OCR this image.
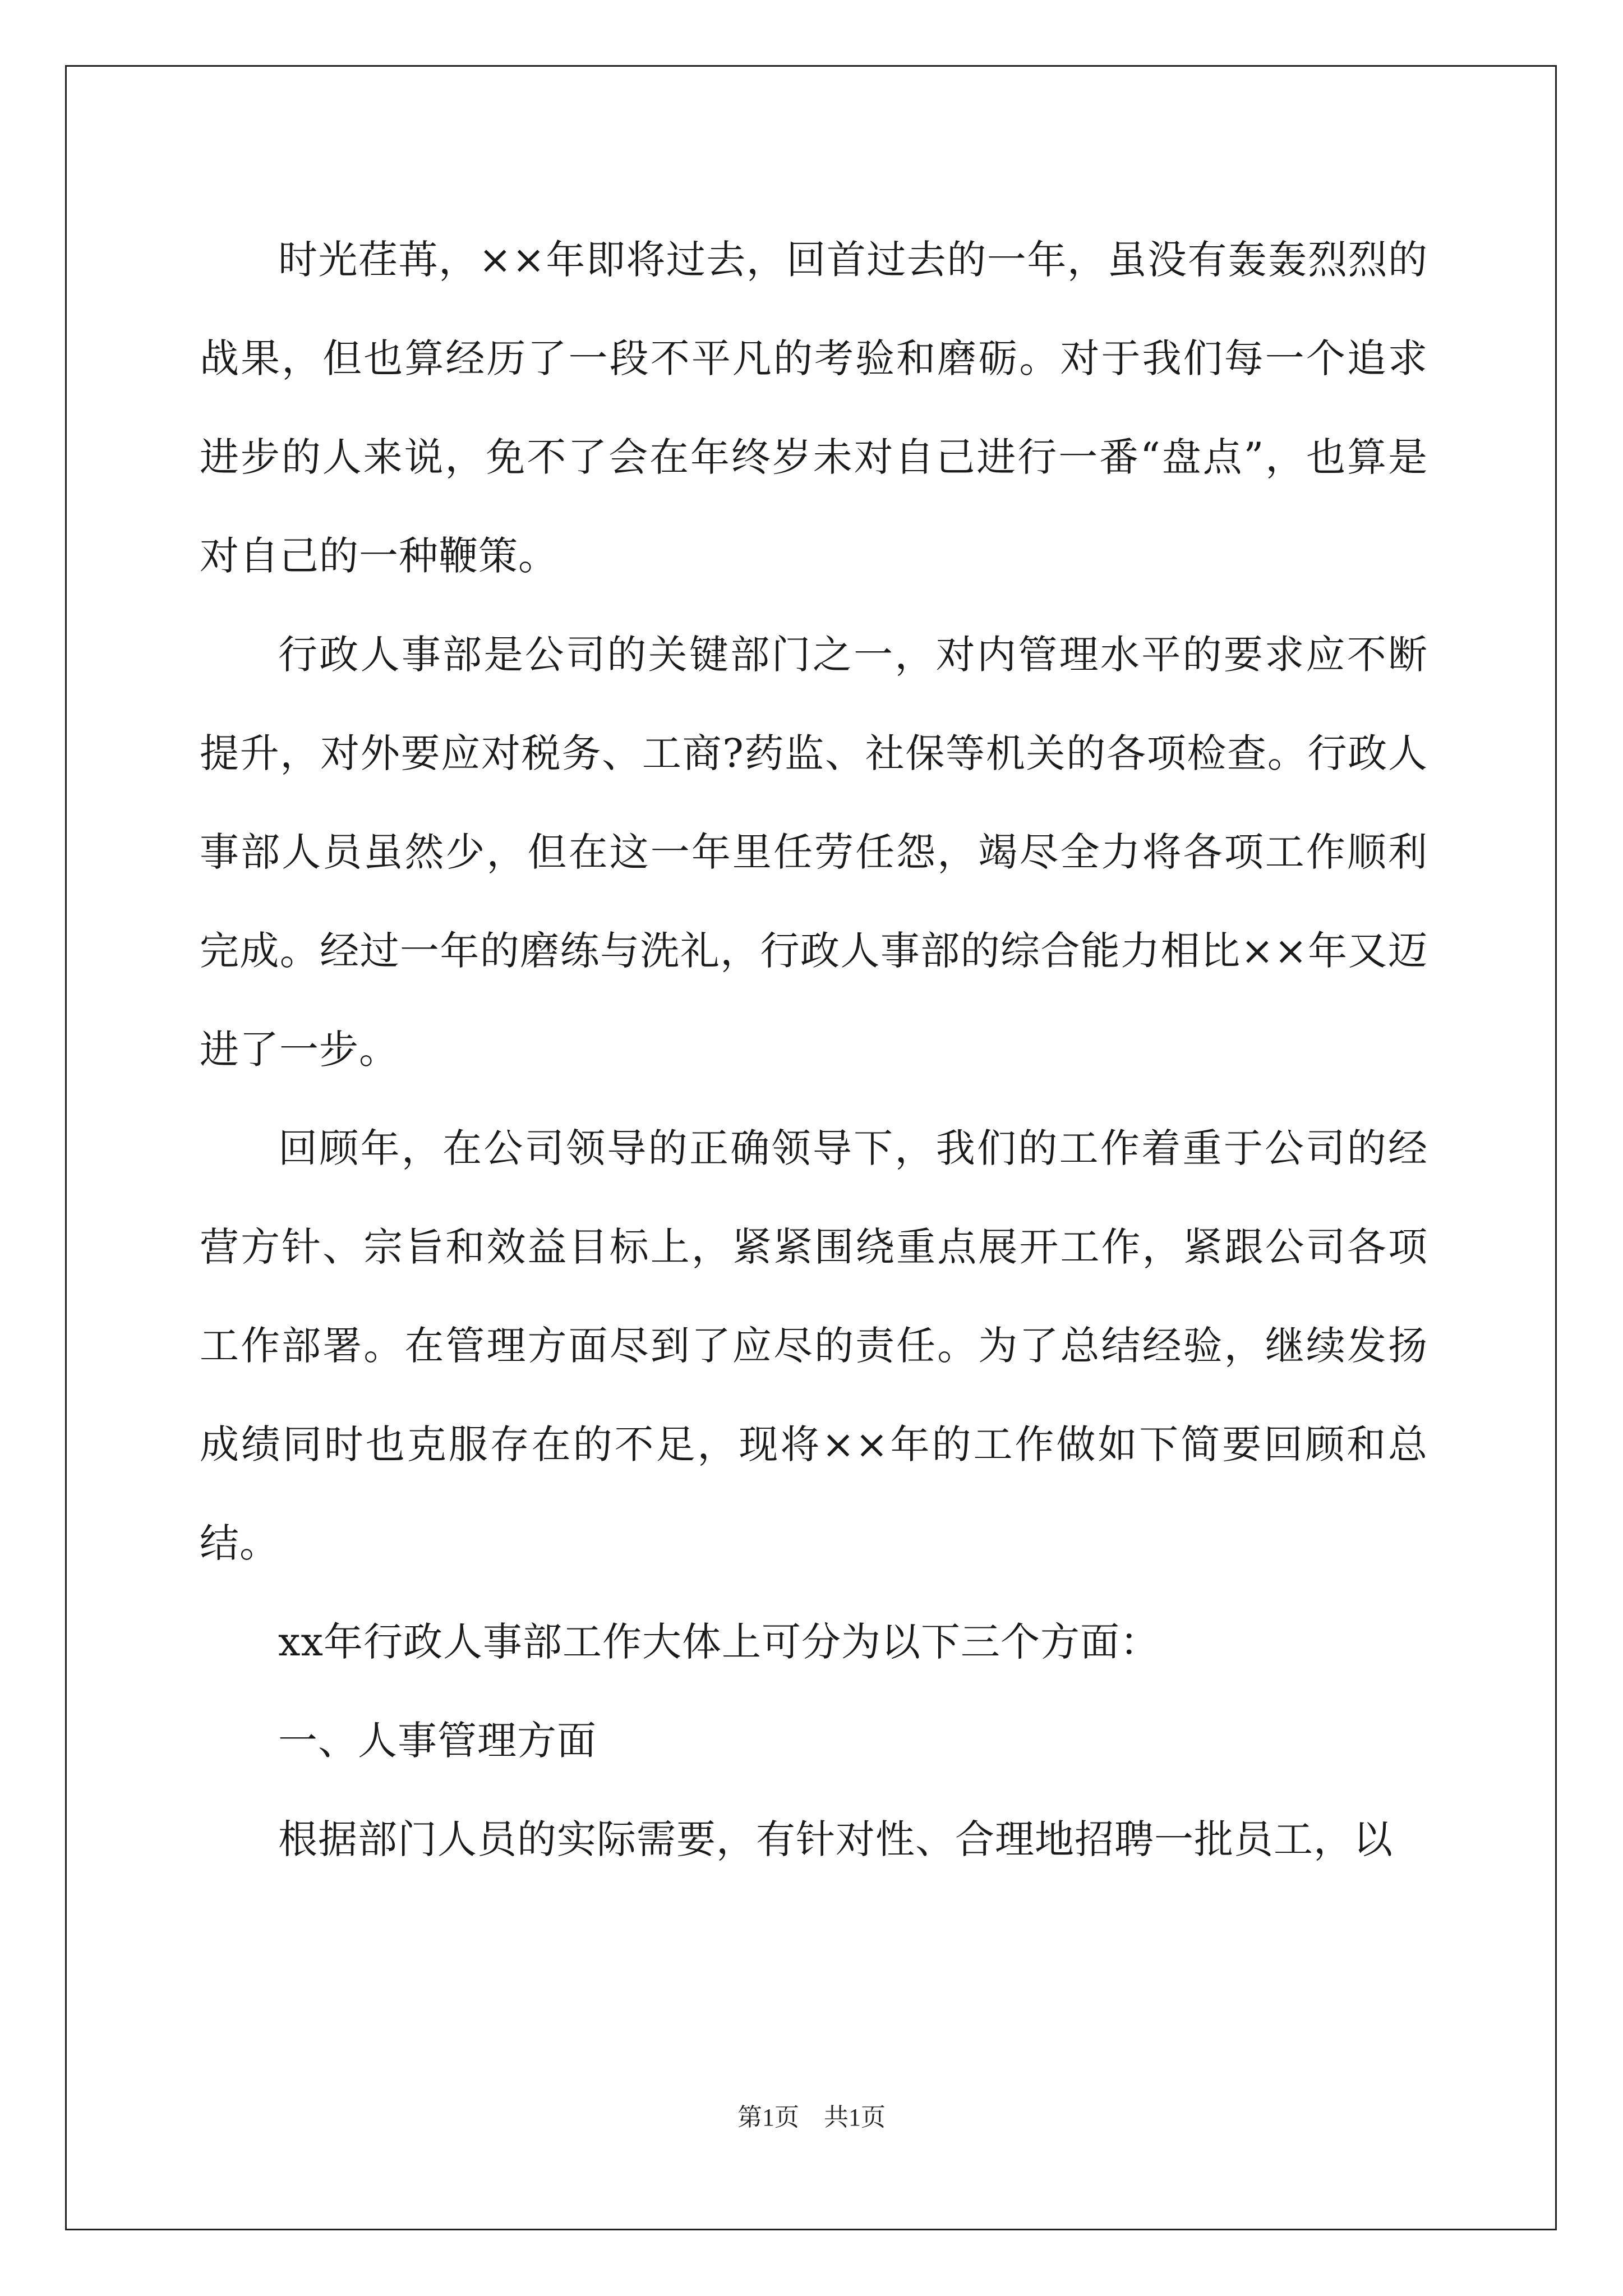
时光荏苒，××年即将过去，回首过去的一年，虽没有轰轰烈烈的战果，但也算经历了一段不平凡的考验和磨砺。对于我们每一个追求进步的人来说，免不了会在年终岁未对自己进行一番“盘点”，也算是对自己的一种鞭策。

行政人事部是公司的关键部门之一，对内管理水平的要求应不断提升，对外要应对税务、工商?药监、社保等机关的各项检查。行政人事部人员虽然少，但在这一年里任劳任怨，竭尽全力将各项工作顺利完成。经过一年的磨练与洗礼，行政人事部的综合能力相比××年又迈进了一步。

回顾年，在公司领导的正确领导下，我们的工作着重于公司的经营方针、宗旨和效益目标上，紧紧围绕重点展开工作，紧跟公司各项工作部署。在管理方面尽到了应尽的责任。为了总结经验，继续发扬成绩同时也克服存在的不足，现将××年的工作做如下简要回顾和总结。

xx年行政人事部工作大体上可分为以下三个方面：

一、人事管理方面

根据部门人员的实际需要，有针对性、合理地招聘一批员工，以

第1页　共1页
